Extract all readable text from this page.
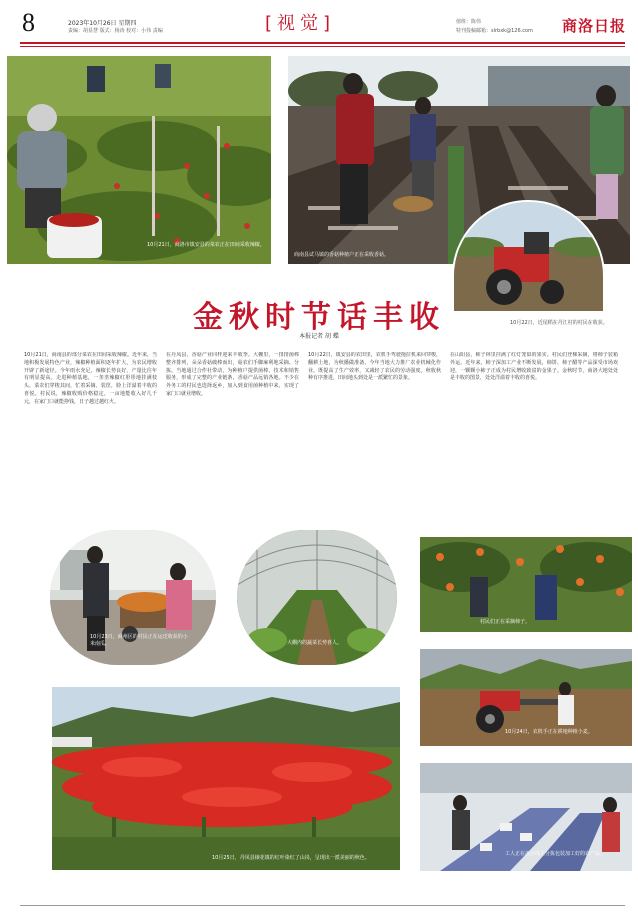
8	2023年10月26日 星期四
责编：胡显慧 版式：杨涛 校对：小伟 责编	[视觉]	值班：陈伟
特刊投稿邮箱：slrbxk@126.com 商洛日报
10月21日，商洛市镇安县的菜农正在田间采收辣椒。
商南县试马镇的香菇种植户正在采收香菇。
金秋时节话丰收
本报记者 胡 蝶
10月22日，近尾稻在丹江村的村民在收获。
10月21日，商南县的部分菜农在田间采收辣椒。近年来，当地积极发展特色产业，辣椒种植面积逐年扩大，为农民增收开辟了新途径。今年雨水充足，辣椒长势良好，产量比往年有明显提高。走进种植基地，一垄垄辣椒红彤彤地挂满枝头，菜农们穿梭其间，忙着采摘、装筐，脸上洋溢着丰收的喜悦。村民说，辣椒收购价格稳定，一亩地能收入好几千元，在家门口就能挣钱，日子越过越红火。
在丹凤县，香菇产业同样迎来丰收季。大棚里，一排排菌棒整齐排列，朵朵香菇破棒而出，菇农们手脚麻利地采摘、分拣。当地通过合作社带动，为种植户提供菌棒、技术和销售服务，形成了完整的产业链条，香菇产品远销各地。不少在外务工的村民也选择返乡，加入到食用菌种植中来，实现了家门口就业增收。
10月22日，镇安县的农田里，农机手驾驶拖拉机来回穿梭，翻耕土地，为秋播做准备。今年当地大力推广农业机械化作业，既提高了生产效率，又减轻了农民的劳动强度。秋收秋种有序推进，田间地头到处是一派繁忙的景象。
在山阳县，柿子林里挂满了红灯笼似的果实。村民们登梯采摘，将柿子装箱外运。近年来，柿子深加工产业不断发展，柿饼、柿子醋等产品深受市场欢迎，一颗颗小柿子正成为村民增收致富的金果子。金秋时节，商洛大地处处是丰收的图景，处处洋溢着丰收的喜悦。
10月23日，商州区的村民正在运送收获的小米南瓜。	大棚内的蔬菜长势喜人。
村民们正在采摘柿子。
10月24日，农机手正在耕地种植小麦。
10月25日，丹凤县棣花镇的红叶染红了山岗，呈现出一派美丽的秋色。
工人正在流水线上分拣包装加工好的农产品。
